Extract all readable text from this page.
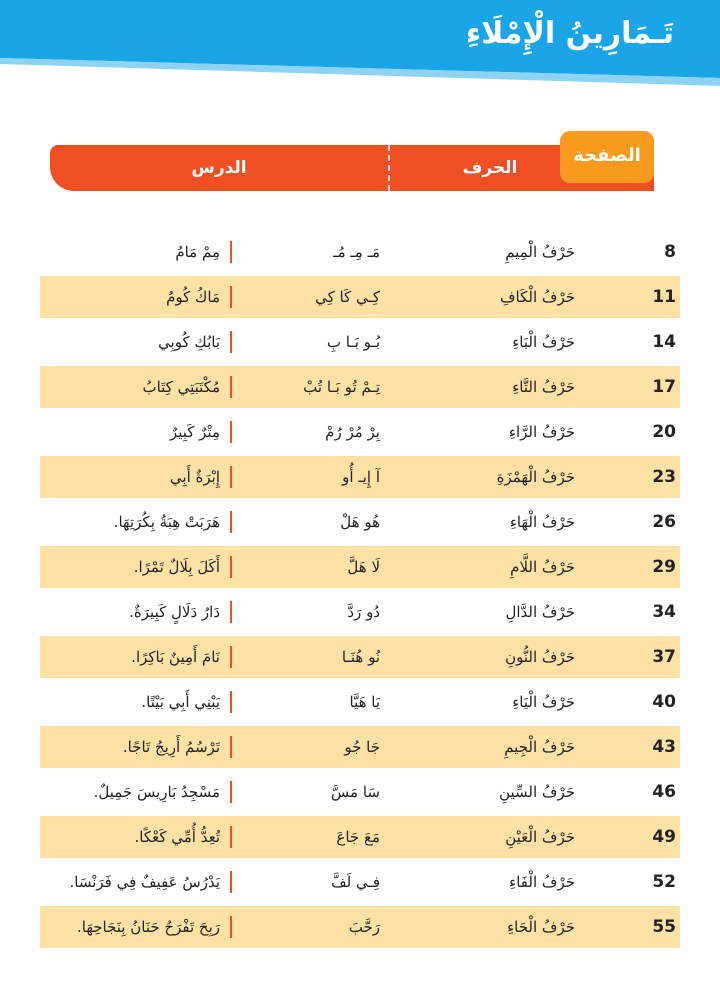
تَـمَارِينُ الْإِمْلَاءِ
الدرس	الحرف
الصفحة
8
حَرْفُ الْمِيمِ
مَـ مِـ مُـ
مِمْ مَامُ
11
حَرْفُ الْكَافِ
كِـي كَا كِي
مَاكُ كُومُ
14
حَرْفُ الْبَاءِ
بُـو بَـا بِ
بَابُكِ كُوبِي
17
حَرْفُ التَّاءِ
تِـمْ تُو بَـا تُبْ
مُكْتَبَتِي كِتَابُ
20
حَرْفُ الرَّاءِ
بِرْ مُرْ رُمْ
مِتْرٌ كَبِيرٌ
23
حَرْفُ الْهَمْزَةِ
آ إِيـ أُو
إِبْرَةٌ أَبِي
26
حَرْفُ الْهَاءِ
هُو هَلْ
هَرَبَتْ هِبَةُ بِكُرَتِهَا.
29
حَرْفُ اللَّامِ
لَا هَلَّ
أَكَلَ بِلَالٌ تَمْرًا.
34
حَرْفُ الدَّالِ
دُو رَدَّ
دَارُ دَلَالٍ كَبِيرَةٌ.
37
حَرْفُ النُّونِ
نُو هُنَـا
نَامَ أَمِينٌ بَاكِرًا.
40
حَرْفُ الْيَاءِ
يَا هَيَّا
يَبْنِي أَبِي بَيْتًا.
43
حَرْفُ الْجِيمِ
جَا جُو
تَرْسُمُ أَرِيجُ تَاجًا.
46
حَرْفُ السِّينِ
سَا مَسَّ
مَسْجِدُ بَارِيسَ جَمِيلٌ.
49
حَرْفُ الْعَيْنِ
مَعَ جَاعَ
تُعِدُّ أُمِّي كَعْكًا.
52
حَرْفُ الْفَاءِ
فِـي لَفَّ
يَدْرُسُ عَفِيفٌ فِي فَرَنْسَا.
55
حَرْفُ الْحَاءِ
رَحَّبَ
رَبِحَ تَفْرَحُ حَنَانُ بِنَجَاحِهَا.
